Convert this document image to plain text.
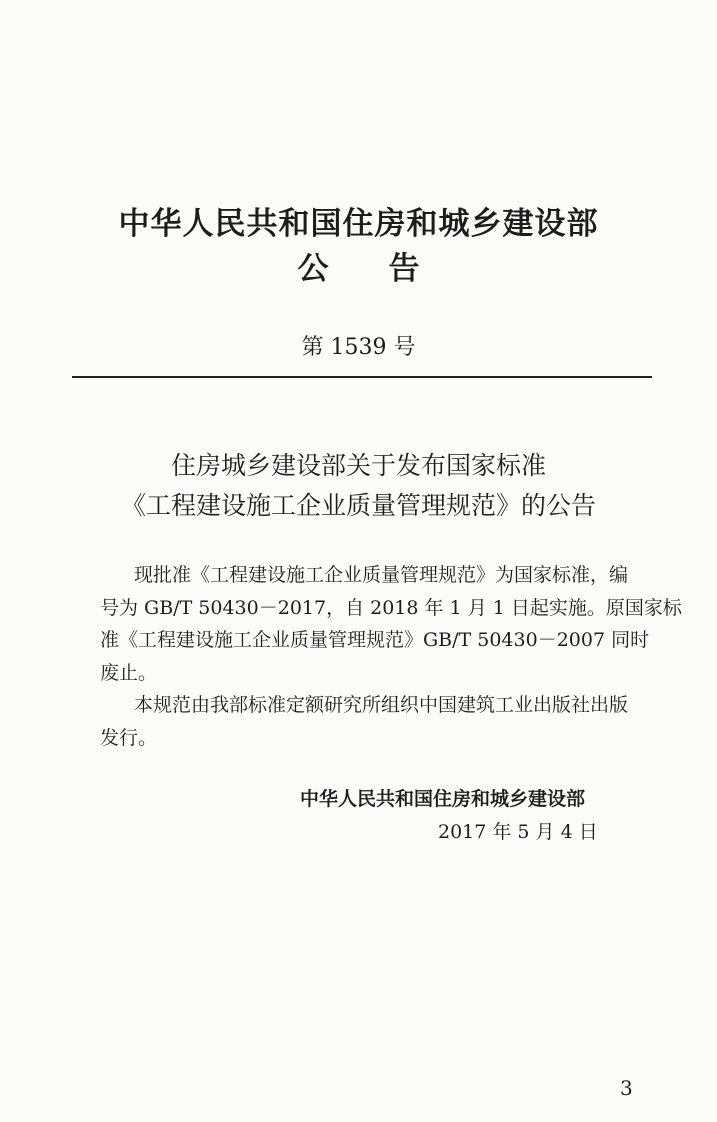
中华人民共和国住房和城乡建设部
公告
第 1539 号
住房城乡建设部关于发布国家标准
《工程建设施工企业质量管理规范》的公告
现批准《工程建设施工企业质量管理规范》为国家标准，编
号为 GB/T 50430－2017，自 2018 年 1 月 1 日起实施。原国家标
准《工程建设施工企业质量管理规范》GB/T 50430－2007 同时
废止。
本规范由我部标准定额研究所组织中国建筑工业出版社出版
发行。
中华人民共和国住房和城乡建设部
2017 年 5 月 4 日
3
